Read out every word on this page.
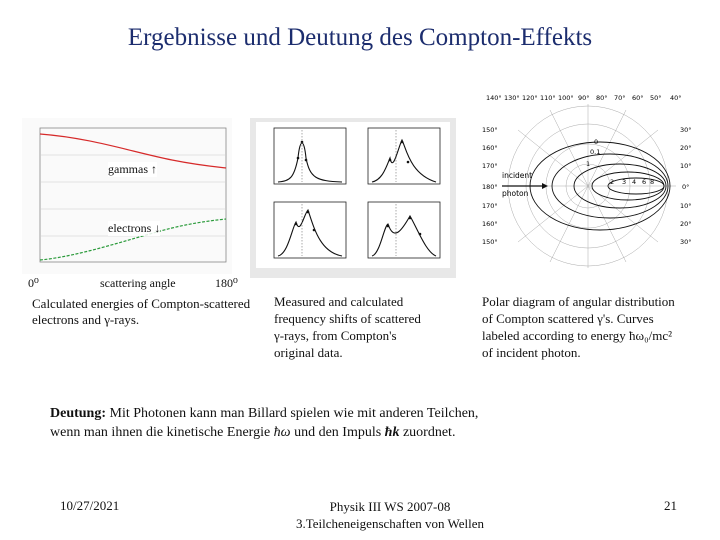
Ergebnisse und Deutung des Compton-Effekts
gammas ↑
electrons ↓
0⁰	scattering angle	180⁰
Calculated energies of Compton-scattered electrons and γ-rays.
Measured and calculated
frequency shifts of scattered
γ-rays, from Compton's
original data.
140° 130° 120° 110° 100° 90° 80° 70° 60° 50° 40°
150°
160°
170°
180°
170°
160°
150°
30°
20°
10°
0°
10°
20°
30°
incident
photon
0
0.1
1
2 3 4 6 8
Polar diagram of angular distribution
of Compton scattered γ's. Curves
labeled according to energy ħω₀/mc²
of incident photon.
Deutung: Mit Photonen kann man Billard spielen wie mit anderen Teilchen,
wenn man ihnen die kinetische Energie ħω und den Impuls ħk zuordnet.
10/27/2021	Physik III WS 2007-08
3.Teilcheneigenschaften von Wellen
21
